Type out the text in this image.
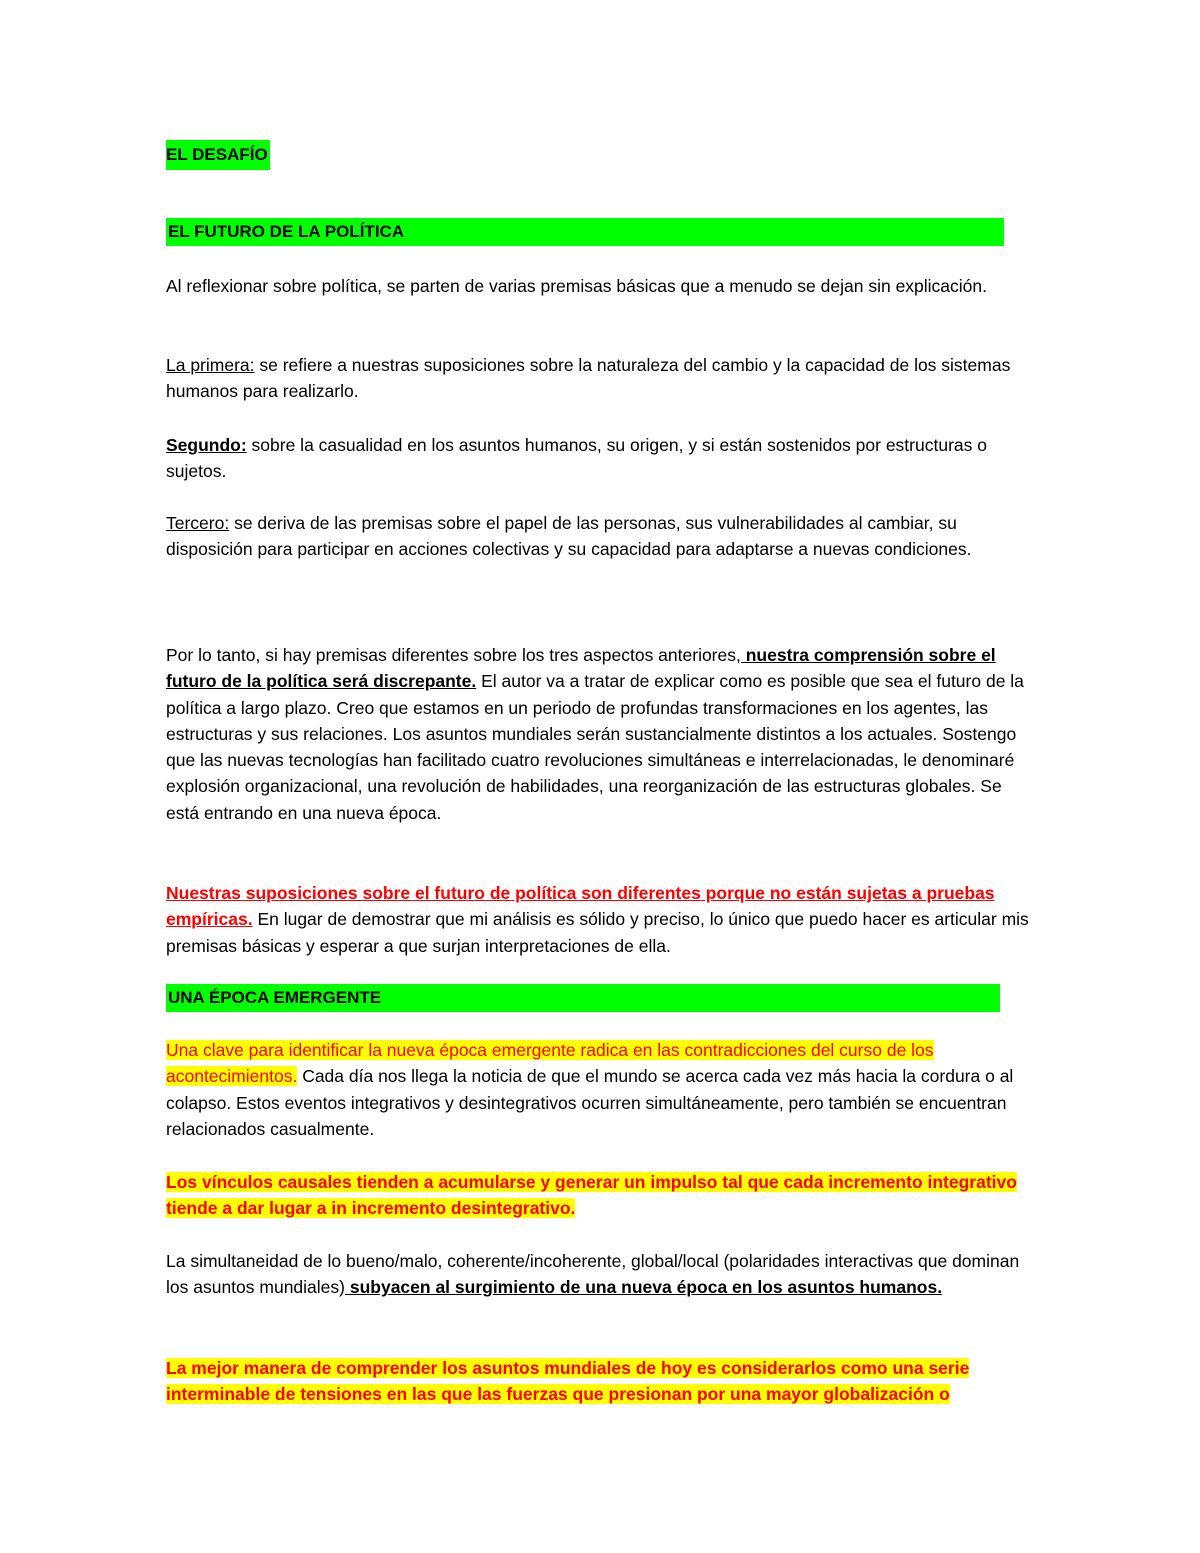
EL DESAFÍO
EL FUTURO DE LA POLÍTICA

Al reflexionar sobre política, se parten de varias premisas básicas que a menudo se dejan sin explicación.

La primera: se refiere a nuestras suposiciones sobre la naturaleza del cambio y la capacidad de los sistemas humanos para realizarlo.

Segundo: sobre la casualidad en los asuntos humanos, su origen, y si están sostenidos por estructuras o sujetos.

Tercero: se deriva de las premisas sobre el papel de las personas, sus vulnerabilidades al cambiar, su disposición para participar en acciones colectivas y su capacidad para adaptarse a nuevas condiciones.

Por lo tanto, si hay premisas diferentes sobre los tres aspectos anteriores, nuestra comprensión sobre el futuro de la política será discrepante. El autor va a tratar de explicar como es posible que sea el futuro de la política a largo plazo. Creo que estamos en un periodo de profundas transformaciones en los agentes, las estructuras y sus relaciones. Los asuntos mundiales serán sustancialmente distintos a los actuales. Sostengo que las nuevas tecnologías han facilitado cuatro revoluciones simultáneas e interrelacionadas, le denominaré explosión organizacional, una revolución de habilidades, una reorganización de las estructuras globales. Se está entrando en una nueva época.

Nuestras suposiciones sobre el futuro de política son diferentes porque no están sujetas a pruebas empíricas. En lugar de demostrar que mi análisis es sólido y preciso, lo único que puedo hacer es articular mis premisas básicas y esperar a que surjan interpretaciones de ella.

UNA ÉPOCA EMERGENTE

Una clave para identificar la nueva época emergente radica en las contradicciones del curso de los acontecimientos. Cada día nos llega la noticia de que el mundo se acerca cada vez más hacia la cordura o al colapso. Estos eventos integrativos y desintegrativos ocurren simultáneamente, pero también se encuentran relacionados casualmente.

Los vínculos causales tienden a acumularse y generar un impulso tal que cada incremento integrativo tiende a dar lugar a in incremento desintegrativo.

La simultaneidad de lo bueno/malo, coherente/incoherente, global/local (polaridades interactivas que dominan los asuntos mundiales) subyacen al surgimiento de una nueva época en los asuntos humanos.

La mejor manera de comprender los asuntos mundiales de hoy es considerarlos como una serie interminable de tensiones en las que las fuerzas que presionan por una mayor globalización o
